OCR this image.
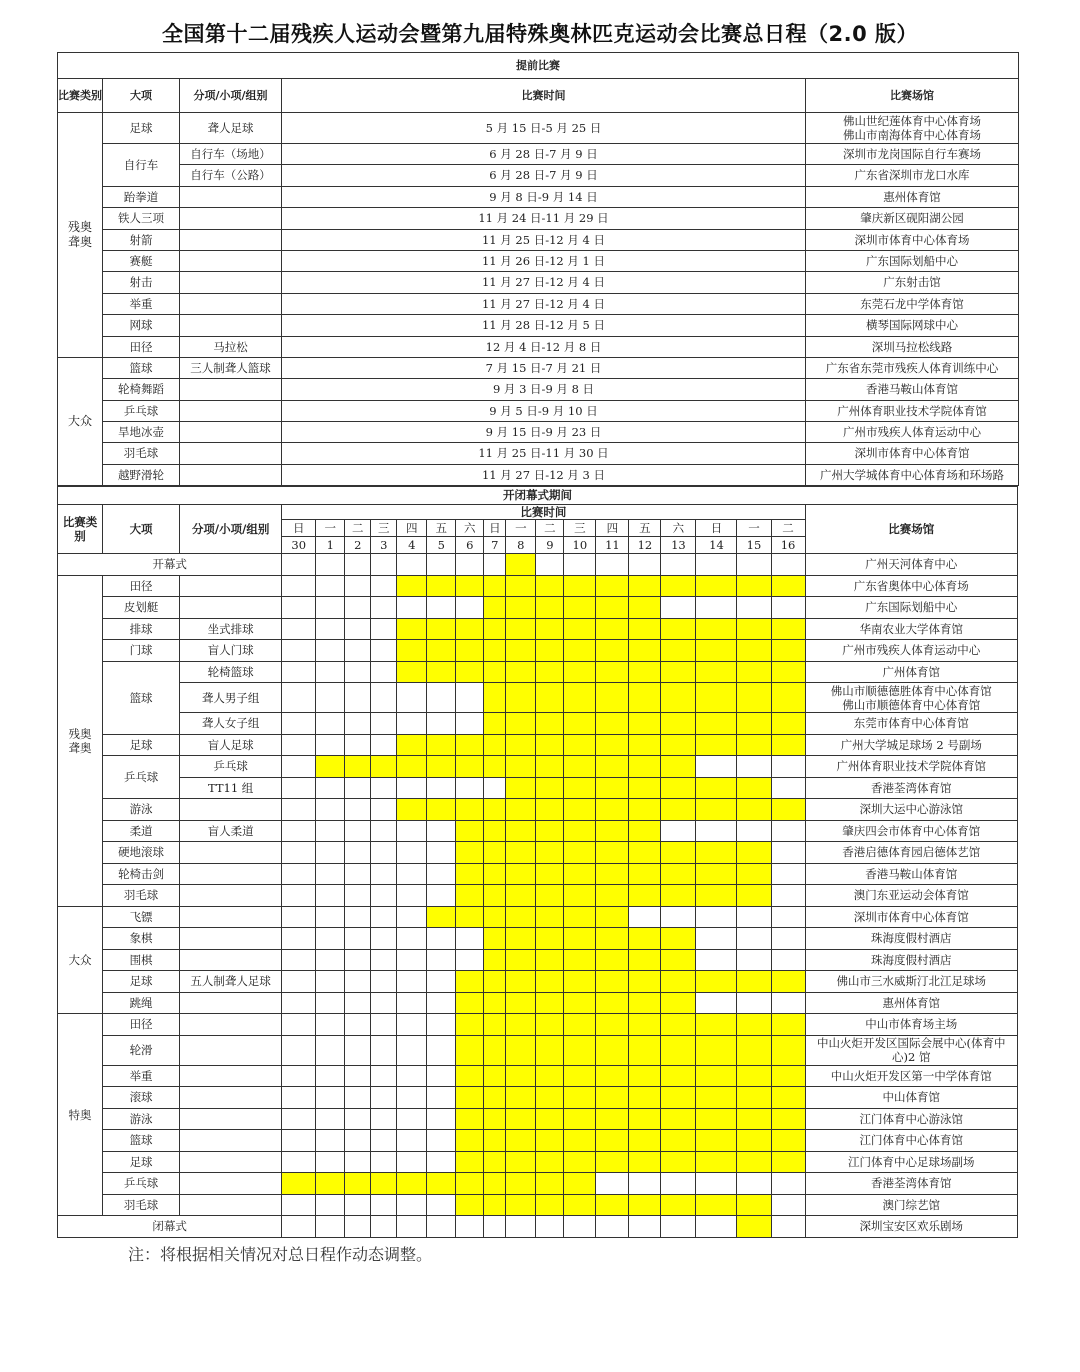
全国第十二届残疾人运动会暨第九届特殊奥林匹克运动会比赛总日程（2.0 版）
提前比赛				
比赛类别	大项	分项/小项/组别	比赛时间	比赛场馆
残奥聋奥	足球	聋人足球	5 月 15 日-5 月 25 日	佛山世纪莲体育中心体育场
佛山市南海体育中心体育场
	自行车	自行车（场地）	6 月 28 日-7 月 9 日	深圳市龙岗国际自行车赛场
		自行车（公路）	6 月 28 日-7 月 9 日	广东省深圳市龙口水库
	跆拳道		9 月 8 日-9 月 14 日	惠州体育馆
	铁人三项		11 月 24 日-11 月 29 日	肇庆新区砚阳湖公园
	射箭		11 月 25 日-12 月 4 日	深圳市体育中心体育场
	赛艇		11 月 26 日-12 月 1 日	广东国际划船中心
	射击		11 月 27 日-12 月 4 日	广东射击馆
	举重		11 月 27 日-12 月 4 日	东莞石龙中学体育馆
	网球		11 月 28 日-12 月 5 日	横琴国际网球中心
	田径	马拉松	12 月 4 日-12 月 8 日	深圳马拉松线路
大众	篮球	三人制聋人篮球	7 月 15 日-7 月 21 日	广东省东莞市残疾人体育训练中心
	轮椅舞蹈		9 月 3 日-9 月 8 日	香港马鞍山体育馆
	乒乓球		9 月 5 日-9 月 10 日	广州体育职业技术学院体育馆
	旱地冰壶		9 月 15 日-9 月 23 日	广州市残疾人体育运动中心
	羽毛球		11 月 25 日-11 月 30 日	深圳市体育中心体育馆
	越野滑轮		11 月 27 日-12 月 3 日	广州大学城体育中心体育场和环场路
开闭幕式期间																				
比赛类别	大项	分项/小项/组别	比赛时间																	比赛场馆
			日	一	二	三	四	五	六	日	一	二	三	四	五	六	日	一	二	
			30	1	2	3	4	5	6	7	8	9	10	11	12	13	14	15	16	
开幕式																				广州天河体育中心
残奥聋奥	田径																			广东省奥体中心体育场
	皮划艇																			广东国际划船中心
	排球	坐式排球																		华南农业大学体育馆
	门球	盲人门球																		广州市残疾人体育运动中心
	篮球	轮椅篮球																		广州体育馆
		聋人男子组																		佛山市顺德德胜体育中心体育馆
佛山市顺德体育中心体育馆
		聋人女子组																		东莞市体育中心体育馆
	足球	盲人足球																		广州大学城足球场 2 号副场
	乒乓球	乒乓球																		广州体育职业技术学院体育馆
		TT11 组																		香港荃湾体育馆
	游泳																			深圳大运中心游泳馆
	柔道	盲人柔道																		肇庆四会市体育中心体育馆
	硬地滚球																			香港启德体育园启德体艺馆
	轮椅击剑																			香港马鞍山体育馆
	羽毛球																			澳门东亚运动会体育馆
大众	飞镖																			深圳市体育中心体育馆
	象棋																			珠海度假村酒店
	围棋																			珠海度假村酒店
	足球	五人制聋人足球																		佛山市三水威斯汀北江足球场
	跳绳																			惠州体育馆
特奥	田径																			中山市体育场主场
	轮滑																			中山火炬开发区国际会展中心(体育中心)2 馆
	举重																			中山火炬开发区第一中学体育馆
	滚球																			中山体育馆
	游泳																			江门体育中心游泳馆
	篮球																			江门体育中心体育馆
	足球																			江门体育中心足球场副场
	乒乓球																			香港荃湾体育馆
	羽毛球																			澳门综艺馆
闭幕式																				深圳宝安区欢乐剧场
注：将根据相关情况对总日程作动态调整。
